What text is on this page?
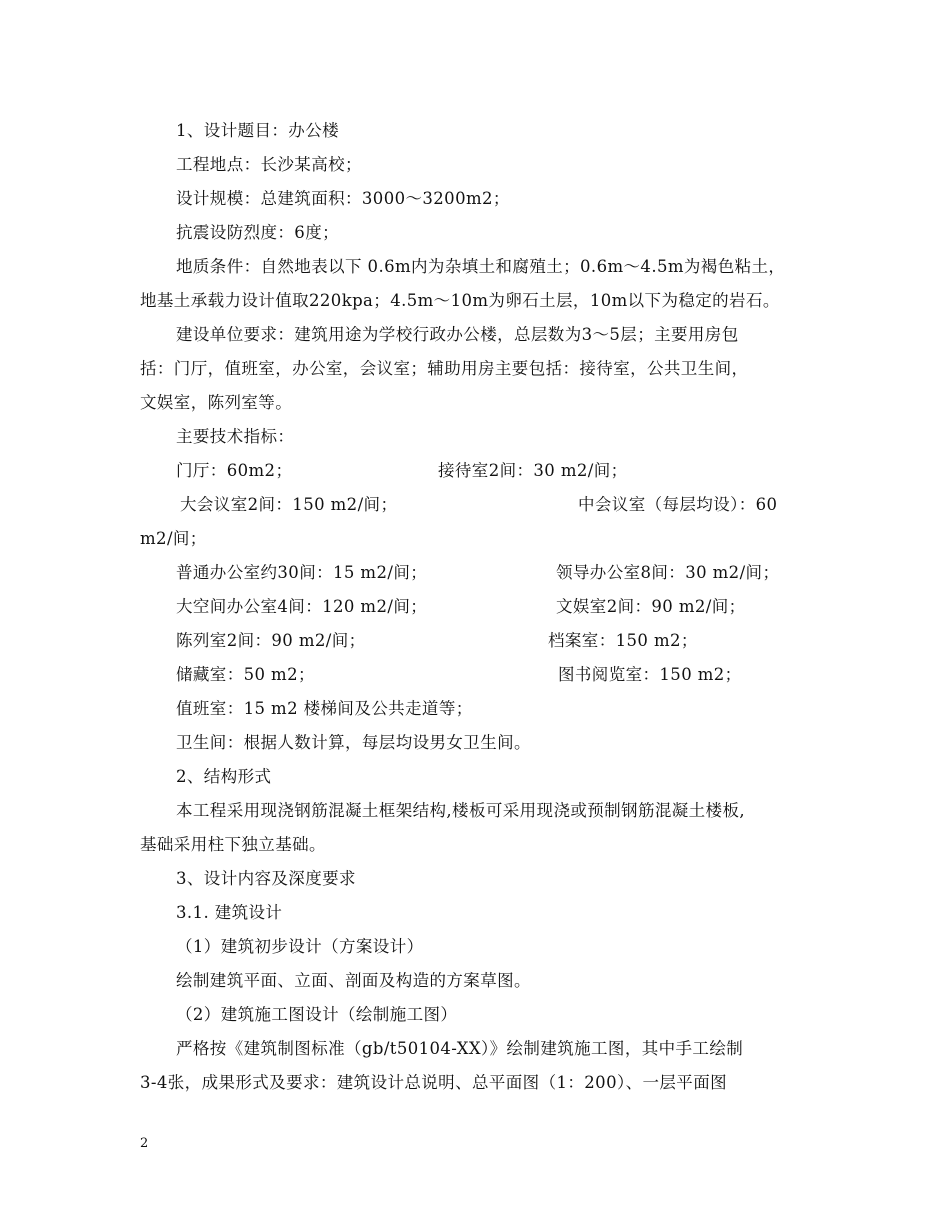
1、设计题目：办公楼
工程地点：长沙某高校；
设计规模：总建筑面积：3000～3200m2；
抗震设防烈度：6度；
地质条件：自然地表以下 0.6m内为杂填土和腐殖土；0.6m～4.5m为褐色粘土，
地基土承载力设计值取220kpa；4.5m～10m为卵石土层，10m以下为稳定的岩石。
建设单位要求：建筑用途为学校行政办公楼，总层数为3～5层；主要用房包
括：门厅，值班室，办公室，会议室；辅助用房主要包括：接待室，公共卫生间，
文娱室，陈列室等。
主要技术指标：
门厅：60m2；	接待室2间：30 m2/间；
大会议室2间：150 m2/间；	中会议室（每层均设）：60
m2/间；
普通办公室约30间：15 m2/间；	领导办公室8间：30 m2/间；
大空间办公室4间：120 m2/间；	文娱室2间：90 m2/间；
陈列室2间：90 m2/间；	档案室：150 m2；
储藏室：50 m2；	图书阅览室：150 m2；
值班室：15 m2 楼梯间及公共走道等；
卫生间：根据人数计算，每层均设男女卫生间。
2、结构形式
本工程采用现浇钢筋混凝土框架结构,楼板可采用现浇或预制钢筋混凝土楼板,
基础采用柱下独立基础。
3、设计内容及深度要求
3.1. 建筑设计
（1）建筑初步设计（方案设计）
绘制建筑平面、立面、剖面及构造的方案草图。
（2）建筑施工图设计（绘制施工图）
严格按《建筑制图标准（gb/t50104-XX）》绘制建筑施工图，其中手工绘制
3-4张，成果形式及要求：建筑设计总说明、总平面图（1：200）、一层平面图
2
